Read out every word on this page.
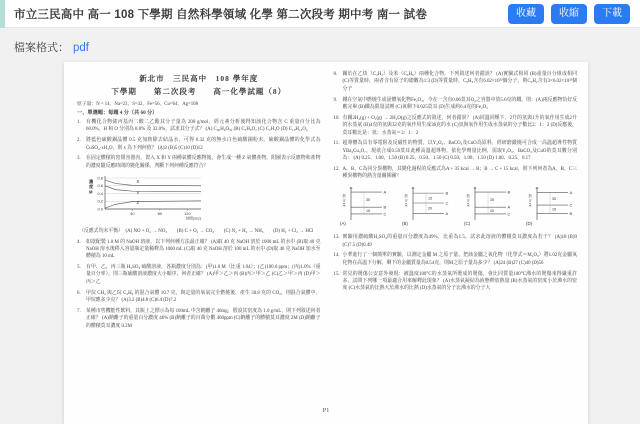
市立三民高中 高一 108 下學期 自然科學領域 化學 第二次段考 期中考 南一 試卷	收藏	收縮	下載
檔案格式： pdf
新北市　三民高中　108 學年度
下學期　　第二次段考　　高一化學試題（8）
原子量：N = 14、Na=23、S=32、Fe=56、Cu=64、Ag=108
一、單選題：每題 4 分（共 60 分）
1.	有機化合物烯丙基丙二酸二乙酯其分子量為 200 g/mol，經元素分析後得知該化合物含 C 重量百分比為 60.0%，H 和 O 分別為 8.0% 及 32.0%，試求其分子式？ (A) C₆₀H₈O₃₂ (B) C₅H₈O₂ (C) C₂H₄O (D) C₁₀H₁₆O₄
2.	將藍色硫酸銅晶體 0.5 克加熱除去結晶水，可得 0.32 克的無水白色硫酸銅粉末。硫酸銅晶體的化學式為 CuSO₄·xH₂O，則 x 為下列何值？ (A)2 (B)5 (C)10 (D)12
3.	在固定體積的密閉容器內，置入 X 和 Y 兩種氣體反應物後，會生成一種 Z 氣體產物。附圖表示反應物和產物的濃度隨反應時間的變化關係，判斷下列何種反應符合？
0.8
0.6
0.4
0.2
0.0
40	80	120
時間(sec)
濃
度
M
X
Y
Z
（反應式均未平衡）　(A) NO + O₂ → NO₂　　(B) C + O₂ → CO₂　　(C) N₂ + H₂ → NH₃　　(D) H₂ + Cl₂ → HCl
4.	如欲配製 1.0 M 的 NaOH 溶液，以下列何種方法最正確？ (A)取 40 克 NaOH 溶於 1000 mL 的水中 (B)取 40 克 NaOH 溶水後移入容量瓶定量稀釋為 1000 mL (C)取 40 克 NaOH 溶於 100 mL 的水中 (D)取 40 克 NaOH 加水至體積為 10 mL
5.	有甲、乙、丙三瓶 H₂SO₄ 硫酸溶液，各瓶濃度分別為：(甲)1.0 M（比重 1.04）；(乙)100.0 ppm；(丙)1.0%（重量百分率）。則三瓶硫酸溶液濃度大小順序，何者正確？ (A)甲＞乙＞丙 (B)丙＞甲＞乙 (C)乙＞甲＞丙 (D)甲＞丙＞乙
6.	甲烷 CH₄ 與乙烷 C₂H₆ 的混合氣體 10.7 克，與定量的氧氣完全燃燒後，產生 30.8 克的 CO₂，則混合氣體中，甲烷應多少克？ (A)3.2 (B)4.8 (C)6.4 (D)7.2
7.	某種市售機能性飲料，其瓶上之標示為每 100mL 中含鈉離子 46mg，假設其密度為 1.0 g/mL，則下列敘述何者正確？ (A)鈉離子的重量百分濃度 46% (B)鈉離子的百萬分數 460ppm (C)鈉離子的體積莫耳濃度 2M (D)鈉離子的體積莫耳濃度 0.2M
8.	關於在乙炔（C₂H₂）及苯（C₆H₆）兩種化合物，下列敘述何者錯誤？ (A)實驗式相同 (B)重量百分組成相同 (C)等質量時，兩者含有原子的總數為1:3 (D)等質量時，C₆H₆含有6.02×10²³個分子，則C₂H₂含有3×6.02×10²³個分子
9.	鐵在空氣中燃燒生成固體氧化物Fe₂O₃，今在一含有0.06莫耳O₂之容器中放5.6克的鐵，則：(A)兩反應物恰好反應完畢 (B)鐵為限量試劑 (C)氧剩下0.025莫耳 (D)生成約6.4克的Fe₂O₃
10. 有關2H₂(g) + O₂(g) → 2H₂O(g)之反應式的敘述，何者錯誤？ (A)同溫同壓下，2升的氫與1升的氧作用生成2升的水蒸氣 (B)4克的氫與32克的氧作用生成36克的水 (C)氫與氧作用生成水蒸氣的分子數比2：1：2 (D)反應後，莫耳數比是：氫：水蒸氣＝2：1：2
11. 超導體為具有零電阻及反磁性的物質，以Y₂O₃、BaCO₃及CuO為原料，經研磨鍛燒可合成一高溫超導性物質YBa₂Cu₃O₇。現欲合成0.50莫耳此種高溫超導物，依化學劑量比例，需取Y₂O₃、BaCO₃及CuO的莫耳數分別為： (A) 0.25、1.00、1.50 (B) 0.25、0.50、1.50 (C) 0.50、1.00、1.50 (D) 1.00、0.25、0.17
12. A、B、C為同分異構物，其變化過程的反應式為A + 35 kcal → B；B → C + 15 kcal，則下列何者為A、B、C三種異構物的熱含量關係圖？
熱
含
量
A
B
C
35
15
(A)
熱
含
量
B
C
A
15
20
(B)
熱
含
量
B
A
C
35
20
(C)
熱
含
量
A
C
B
35
15
(D)
13. 實驗用濃硫酸H₂SO₄的重量百分濃度為49%，比重為1.5。試求此溶液的體積莫耳濃度為若干？ (A)18 (B)9 (C)7.5 (D)0.49
14. 小華進行了一個簡單的實驗，以測定金屬 M 之原子量。把該金屬之氧化物（化學式＝M₂O₃）將1.02克金屬氧化物在高溫下分解，剩下的金屬質量為0.54克，則M之原子量為多少？ (A)24 (B)27 (C)40 (D)56
15. 常見的燙傷公安意外發現：被溫度100°C的水蒸氣所燙成的燙傷，會比同質量100°C沸水的燙傷來得嚴重許多。試問下列哪一項最適合用來解釋此現象？ (A)水蒸氣凝結為液態釋放熱量 (B)水蒸氣的密度小於沸水的密度 (C)水蒸氣的比熱大於沸水的比熱 (D)水蒸氣的分子比沸水的分子大
P1
